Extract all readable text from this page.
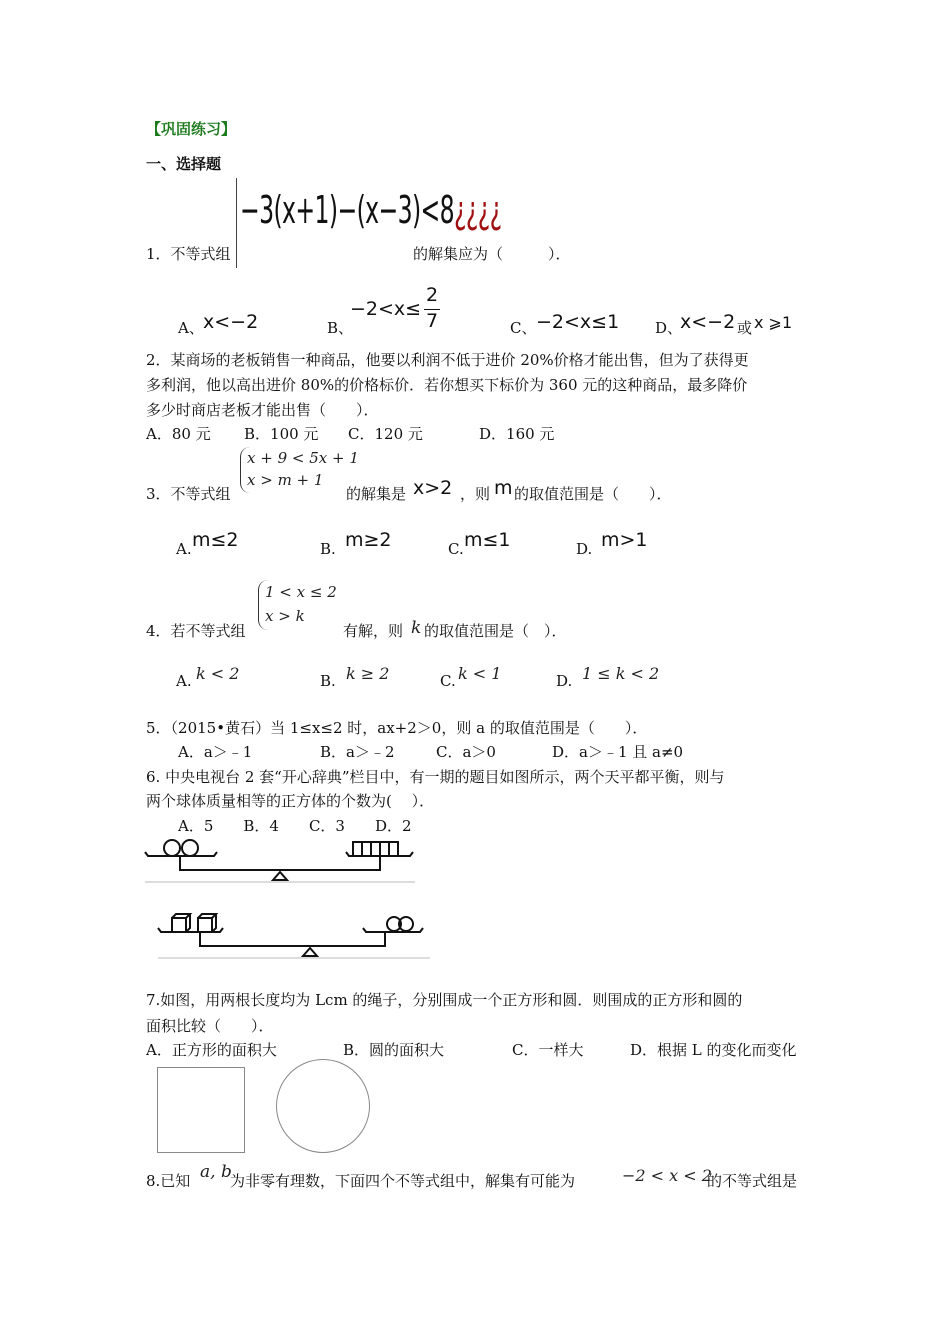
【巩固练习】
一、选择题
1．不等式组
−3(x+1)−(x−3)<8¿¿¿¿
的解集应为（　　　）．
A、 x<−2	B、
−2<x≤
2
7	C、 −2<x≤1 D、
x<−2 或 x ⩾1
2．某商场的老板销售一种商品，他要以利润不低于进价 20%价格才能出售，但为了获得更
多利润，他以高出进价 80%的价格标价．若你想买下标价为 360 元的这种商品，最多降价
多少时商店老板才能出售（　　）．
A．80 元 B．100 元 C．120 元	D．160 元
3．不等式组
x + 9 < 5x + 1
x > m + 1
的解集是 x>2 ，则 m 的取值范围是（　　）．
A. m≤2	B. m≥2	C. m≤1	D. m>1
4．若不等式组
1 < x ≤ 2
x > k
有解，则 k 的取值范围是（　）．
A. k < 2	B. k ≥ 2	C. k < 1	D. 1 ≤ k < 2
5．（2015•黄石）当 1≤x≤2 时，ax+2＞0，则 a 的取值范围是（　　）．
A．a＞﹣1	B．a＞﹣2	C．a＞0	D．a＞﹣1 且 a≠0
6. 中央电视台 2 套“开心辞典”栏目中，有一期的题目如图所示，两个天平都平衡，则与
两个球体质量相等的正方体的个数为(　 ）．
A．5　　B．4　　C．3　　D．2
7.如图，用两根长度均为 Lcm 的绳子，分别围成一个正方形和圆．则围成的正方形和圆的
面积比较（　　）．
A．正方形的面积大	B．圆的面积大	C．一样大	D．根据 L 的变化而变化
8.已知 a, b
为非零有理数，下面四个不等式组中，解集有可能为	−2 < x < 2
的不等式组是
